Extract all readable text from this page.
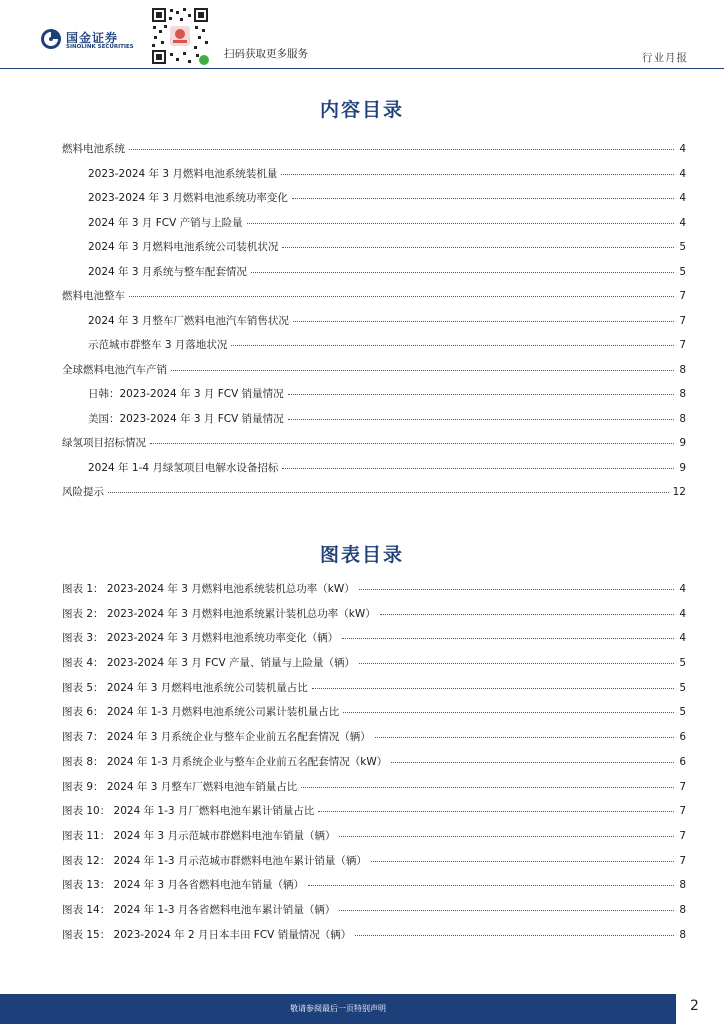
国金证券
SINOLINK SECURITIES
扫码获取更多服务	行业月报
内容目录
燃料电池系统	4
2023-2024 年 3 月燃料电池系统装机量	4
2023-2024 年 3 月燃料电池系统功率变化	4
2024 年 3 月 FCV 产销与上险量	4
2024 年 3 月燃料电池系统公司装机状况	5
2024 年 3 月系统与整车配套情况	5
燃料电池整车	7
2024 年 3 月整车厂燃料电池汽车销售状况	7
示范城市群整车 3 月落地状况	7
全球燃料电池汽车产销	8
日韩：2023-2024 年 3 月 FCV 销量情况	8
美国：2023-2024 年 3 月 FCV 销量情况	8
绿氢项目招标情况	9
2024 年 1-4 月绿氢项目电解水设备招标	9
风险提示	12
图表目录
图表 1： 2023-2024 年 3 月燃料电池系统装机总功率（kW）	4
图表 2： 2023-2024 年 3 月燃料电池系统累计装机总功率（kW）	4
图表 3： 2023-2024 年 3 月燃料电池系统功率变化（辆）	4
图表 4： 2023-2024 年 3 月 FCV 产量、销量与上险量（辆）	5
图表 5： 2024 年 3 月燃料电池系统公司装机量占比	5
图表 6： 2024 年 1-3 月燃料电池系统公司累计装机量占比	5
图表 7： 2024 年 3 月系统企业与整车企业前五名配套情况（辆）	6
图表 8： 2024 年 1-3 月系统企业与整车企业前五名配套情况（kW）	6
图表 9： 2024 年 3 月整车厂燃料电池车销量占比	7
图表 10： 2024 年 1-3 月厂燃料电池车累计销量占比	7
图表 11： 2024 年 3 月示范城市群燃料电池车销量（辆）	7
图表 12： 2024 年 1-3 月示范城市群燃料电池车累计销量（辆）	7
图表 13： 2024 年 3 月各省燃料电池车销量（辆）	8
图表 14： 2024 年 1-3 月各省燃料电池车累计销量（辆）	8
图表 15： 2023-2024 年 2 月日本丰田 FCV 销量情况（辆）	8
敬请参阅最后一页特别声明	2
